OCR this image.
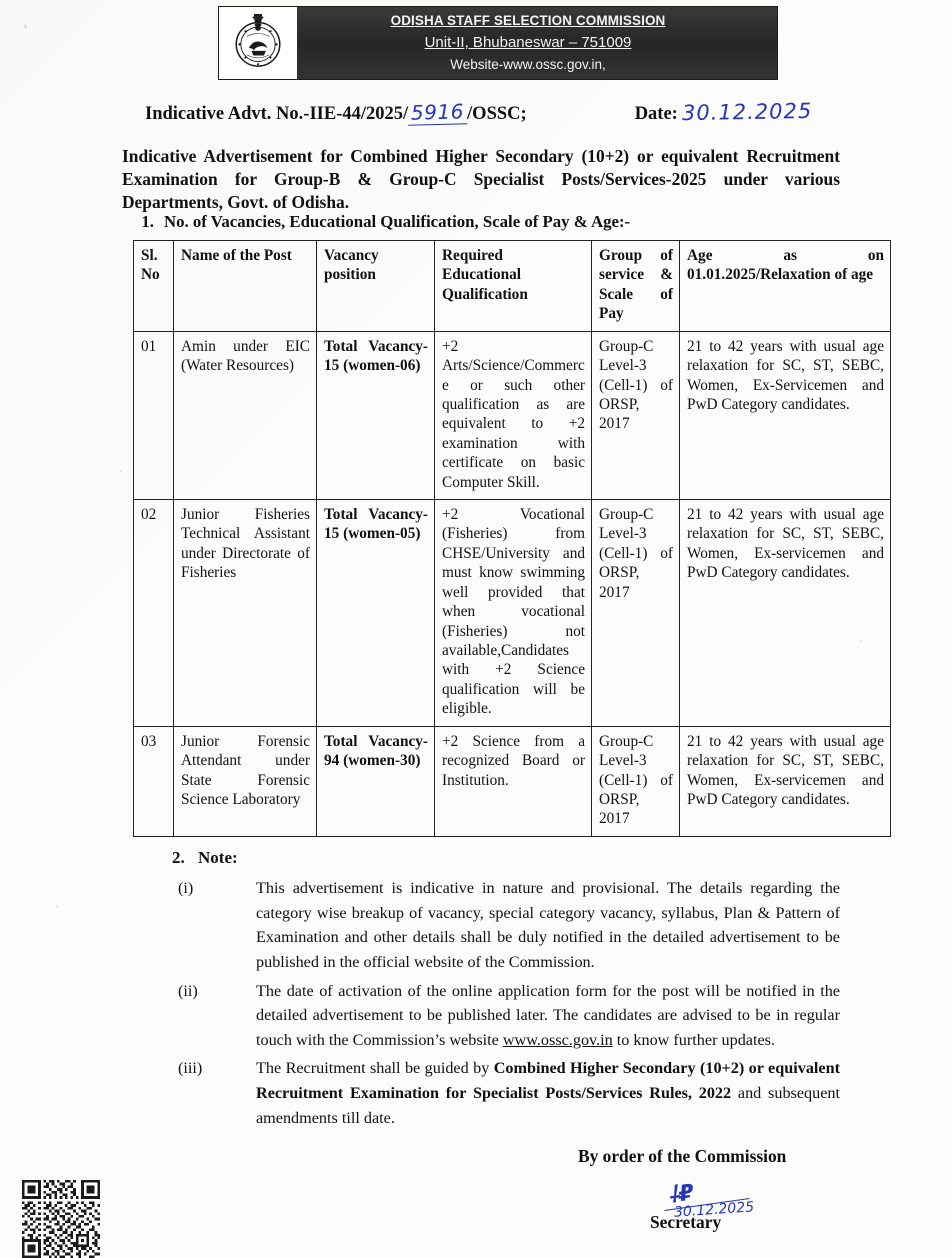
ODISHA STAFF SELECTION COMMISSION
Unit-II, Bhubaneswar – 751009
Website-www.ossc.gov.in,
Indicative Advt. No.-IIE-44/2025/ 5916 /OSSC;	Date: 30.12.2025
Indicative Advertisement for Combined Higher Secondary (10+2) or equivalent Recruitment Examination for Group-B & Group-C Specialist Posts/Services-2025 under various Departments, Govt. of Odisha.
1. No. of Vacancies, Educational Qualification, Scale of Pay & Age:-
Sl. No	Name of the Post	Vacancy position	Required Educational Qualification	Group of service & Scale of Pay	Age as on 01.01.2025/Relaxation of age
01	Amin under EIC (Water Resources)	Total Vacancy-15 (women-06)	+2 Arts/Science/Commerce or such other qualification as are equivalent to +2 examination with certificate on basic Computer Skill.	Group-C Level-3 (Cell-1) of ORSP, 2017	21 to 42 years with usual age relaxation for SC, ST, SEBC, Women, Ex-Servicemen and PwD Category candidates.
02	Junior Fisheries Technical Assistant under Directorate of Fisheries	Total Vacancy-15 (women-05)	+2 Vocational (Fisheries) from CHSE/University and must know swimming well provided that when vocational (Fisheries) not available,Candidates with +2 Science qualification will be eligible.	Group-C Level-3 (Cell-1) of ORSP, 2017	21 to 42 years with usual age relaxation for SC, ST, SEBC, Women, Ex-servicemen and PwD Category candidates.
03	Junior Forensic Attendant under State Forensic Science Laboratory	Total Vacancy-94 (women-30)	+2 Science from a recognized Board or Institution.	Group-C Level-3 (Cell-1) of ORSP, 2017	21 to 42 years with usual age relaxation for SC, ST, SEBC, Women, Ex-servicemen and PwD Category candidates.
2. Note:
(i)	This advertisement is indicative in nature and provisional. The details regarding the category wise breakup of vacancy, special category vacancy, syllabus, Plan & Pattern of Examination and other details shall be duly notified in the detailed advertisement to be published in the official website of the Commission.
(ii)	The date of activation of the online application form for the post will be notified in the detailed advertisement to be published later. The candidates are advised to be in regular touch with the Commission’s website www.ossc.gov.in to know further updates.
(iii)	The Recruitment shall be guided by Combined Higher Secondary (10+2) or equivalent Recruitment Examination for Specialist Posts/Services Rules, 2022 and subsequent amendments till date.
By order of the Commission
⸸₽
30.12.2025
Secretary
